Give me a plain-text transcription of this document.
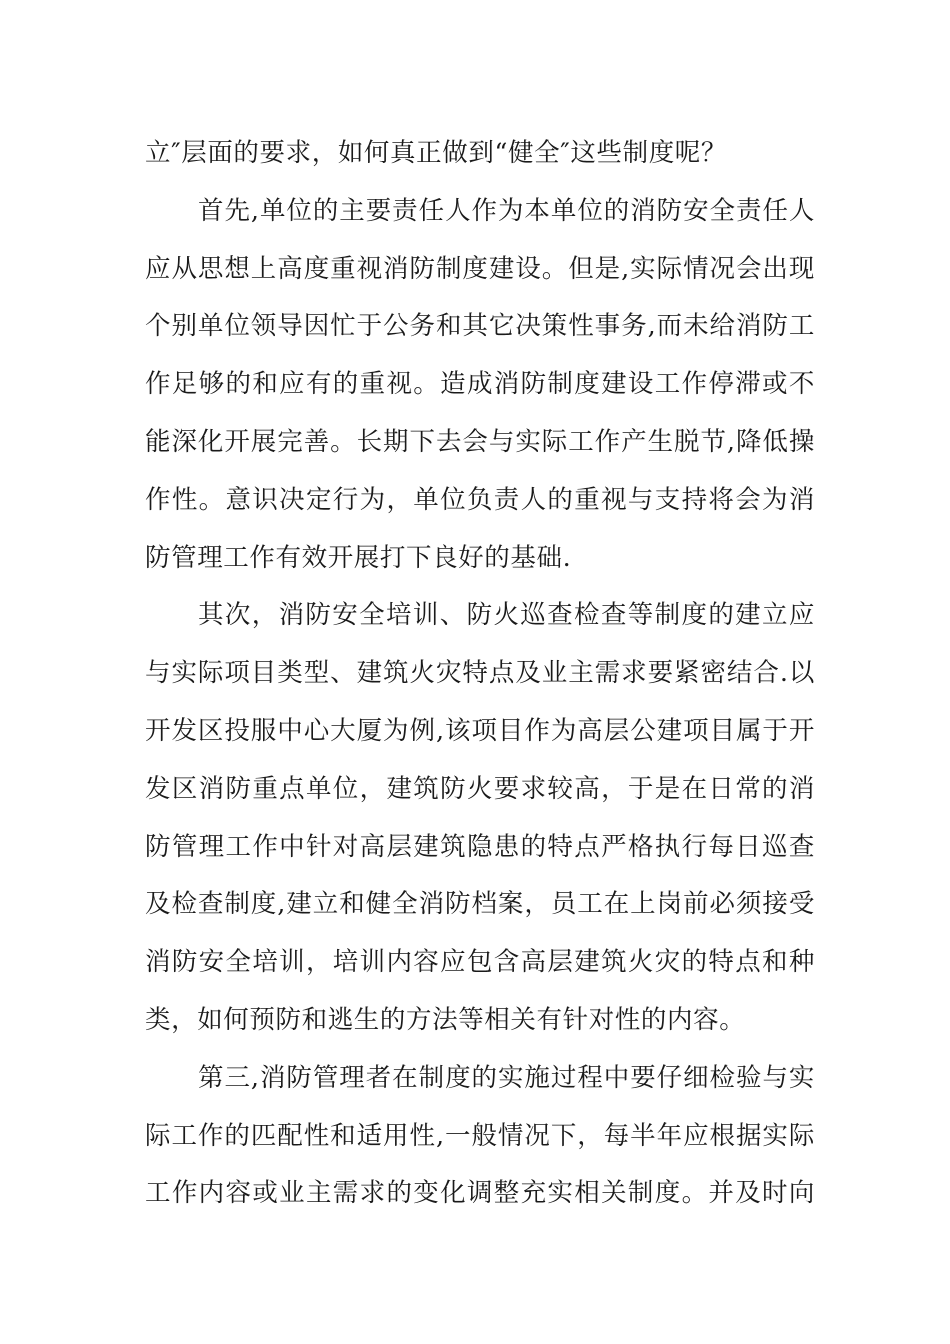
立″层面的要求，如何真正做到“健全″这些制度呢？
首先,单位的主要责任人作为本单位的消防安全责任人
应从思想上高度重视消防制度建设。但是,实际情况会出现
个别单位领导因忙于公务和其它决策性事务,而未给消防工
作足够的和应有的重视。造成消防制度建设工作停滞或不
能深化开展完善。长期下去会与实际工作产生脱节,降低操
作性。意识决定行为，单位负责人的重视与支持将会为消
防管理工作有效开展打下良好的基础.
其次，消防安全培训、防火巡查检查等制度的建立应
与实际项目类型、建筑火灾特点及业主需求要紧密结合.以
开发区投服中心大厦为例,该项目作为高层公建项目属于开
发区消防重点单位，建筑防火要求较高，于是在日常的消
防管理工作中针对高层建筑隐患的特点严格执行每日巡查
及检查制度,建立和健全消防档案，员工在上岗前必须接受
消防安全培训，培训内容应包含高层建筑火灾的特点和种
类，如何预防和逃生的方法等相关有针对性的内容。
第三,消防管理者在制度的实施过程中要仔细检验与实
际工作的匹配性和适用性,一般情况下，每半年应根据实际
工作内容或业主需求的变化调整充实相关制度。并及时向
